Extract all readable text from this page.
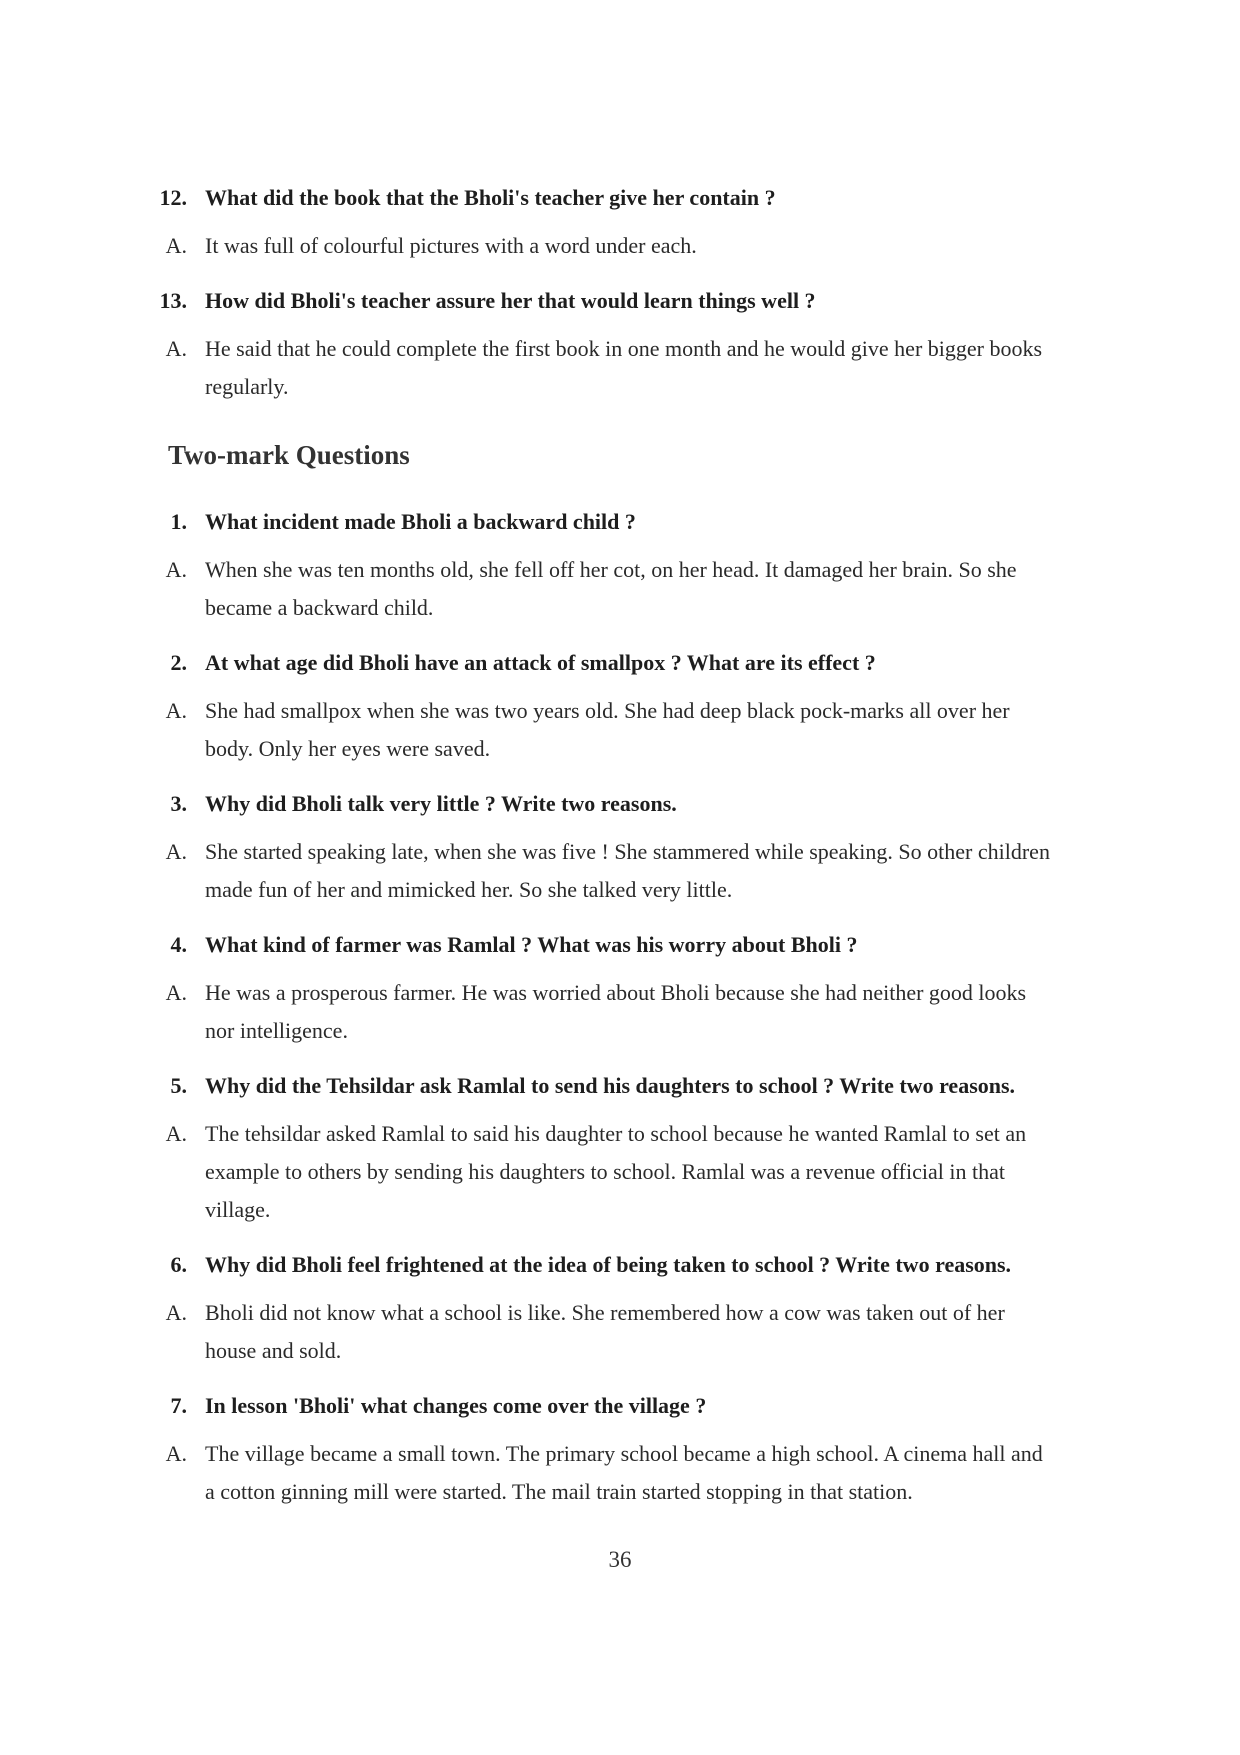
12. What did the book that the Bholi's teacher give her contain ?
A. It was full of colourful pictures with a word under each.
13. How did Bholi's teacher assure her that would learn things well ?
A. He said that he could complete the first book in one month and he would give her bigger books
regularly.
Two-mark Questions
1. What incident made Bholi a backward child ?
A. When she was ten months old, she fell off her cot, on her head. It damaged her brain. So she
became a backward child.
2. At what age did Bholi have an attack of smallpox ? What are its effect ?
A. She had smallpox when she was two years old. She had deep black pock-marks all over her
body. Only her eyes were saved.
3. Why did Bholi talk very little ? Write two reasons.
A. She started speaking late, when she was five ! She stammered while speaking. So other children
made fun of her and mimicked her. So she talked very little.
4. What kind of farmer was Ramlal ? What was his worry about Bholi ?
A. He was a prosperous farmer. He was worried about Bholi because she had neither good looks
nor intelligence.
5. Why did the Tehsildar ask Ramlal to send his daughters to school ? Write two reasons.
A. The tehsildar asked Ramlal to said his daughter to school because he wanted Ramlal to set an
example to others by sending his daughters to school. Ramlal was a revenue official in that
village.
6. Why did Bholi feel frightened at the idea of being taken to school ? Write two reasons.
A. Bholi did not know what a school is like. She remembered how a cow was taken out of her
house and sold.
7. In lesson 'Bholi' what changes come over the village ?
A. The village became a small town. The primary school became a high school. A cinema hall and
a cotton ginning mill were started. The mail train started stopping in that station.
36
